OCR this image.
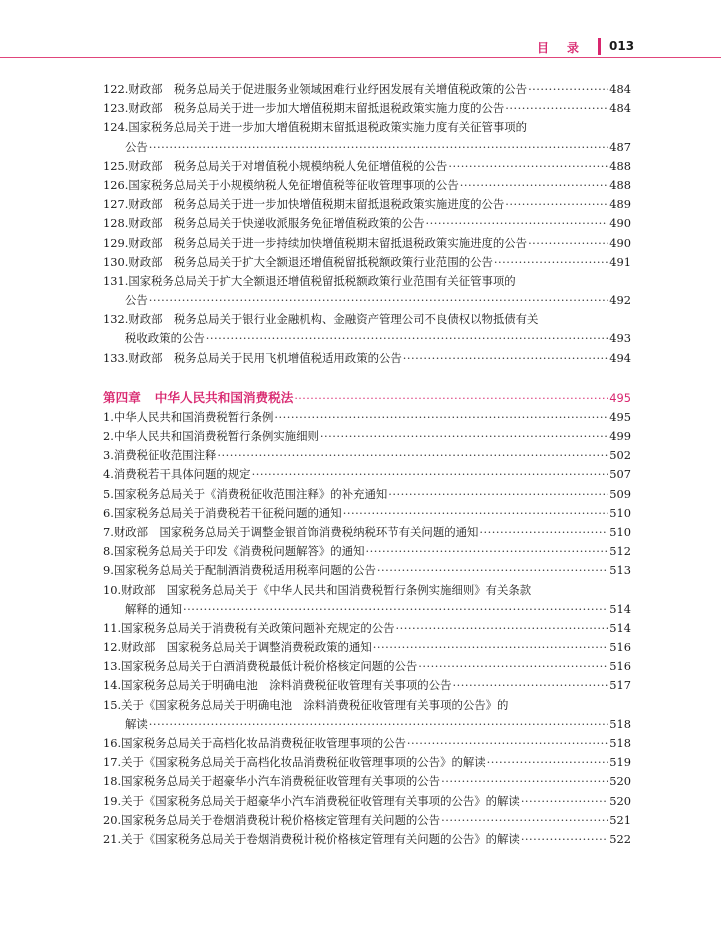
目录 013
122. 财政部　税务总局关于促进服务业领域困难行业纾困发展有关增值税政策的公告 ·····	484
123. 财政部　税务总局关于进一步加大增值税期末留抵退税政策实施力度的公告 ·····	484
124. 国家税务总局关于进一步加大增值税期末留抵退税政策实施力度有关征管事项的
公告 ·····	487
125. 财政部　税务总局关于对增值税小规模纳税人免征增值税的公告 ·····	488
126. 国家税务总局关于小规模纳税人免征增值税等征收管理事项的公告 ·····	488
127. 财政部　税务总局关于进一步加快增值税期末留抵退税政策实施进度的公告 ·····	489
128. 财政部　税务总局关于快递收派服务免征增值税政策的公告 ·····	490
129. 财政部　税务总局关于进一步持续加快增值税期末留抵退税政策实施进度的公告 ·····	490
130. 财政部　税务总局关于扩大全额退还增值税留抵税额政策行业范围的公告 ·····	491
131. 国家税务总局关于扩大全额退还增值税留抵税额政策行业范围有关征管事项的
公告 ·····	492
132. 财政部　税务总局关于银行业金融机构、金融资产管理公司不良债权以物抵债有关
税收政策的公告 ·····	493
133. 财政部　税务总局关于民用飞机增值税适用政策的公告 ·····	494
第四章 中华人民共和国消费税法 ·····	495
1. 中华人民共和国消费税暂行条例 ·····	495
2. 中华人民共和国消费税暂行条例实施细则 ·····	499
3. 消费税征收范围注释 ·····	502
4. 消费税若干具体问题的规定 ·····	507
5. 国家税务总局关于《消费税征收范围注释》的补充通知 ·····	509
6. 国家税务总局关于消费税若干征税问题的通知 ·····	510
7. 财政部　国家税务总局关于调整金银首饰消费税纳税环节有关问题的通知 ·····	510
8. 国家税务总局关于印发《消费税问题解答》的通知 ·····	512
9. 国家税务总局关于配制酒消费税适用税率问题的公告 ·····	513
10. 财政部　国家税务总局关于《中华人民共和国消费税暂行条例实施细则》有关条款
解释的通知 ·····	514
11. 国家税务总局关于消费税有关政策问题补充规定的公告 ·····	514
12. 财政部　国家税务总局关于调整消费税政策的通知 ·····	516
13. 国家税务总局关于白酒消费税最低计税价格核定问题的公告 ·····	516
14. 国家税务总局关于明确电池　涂料消费税征收管理有关事项的公告 ·····	517
15. 关于《国家税务总局关于明确电池　涂料消费税征收管理有关事项的公告》的
解读 ·····	518
16. 国家税务总局关于高档化妆品消费税征收管理事项的公告 ·····	518
17. 关于《国家税务总局关于高档化妆品消费税征收管理事项的公告》的解读 ·····	519
18. 国家税务总局关于超豪华小汽车消费税征收管理有关事项的公告 ·····	520
19. 关于《国家税务总局关于超豪华小汽车消费税征收管理有关事项的公告》的解读 ·····	520
20. 国家税务总局关于卷烟消费税计税价格核定管理有关问题的公告 ·····	521
21. 关于《国家税务总局关于卷烟消费税计税价格核定管理有关问题的公告》的解读 ·····	522
